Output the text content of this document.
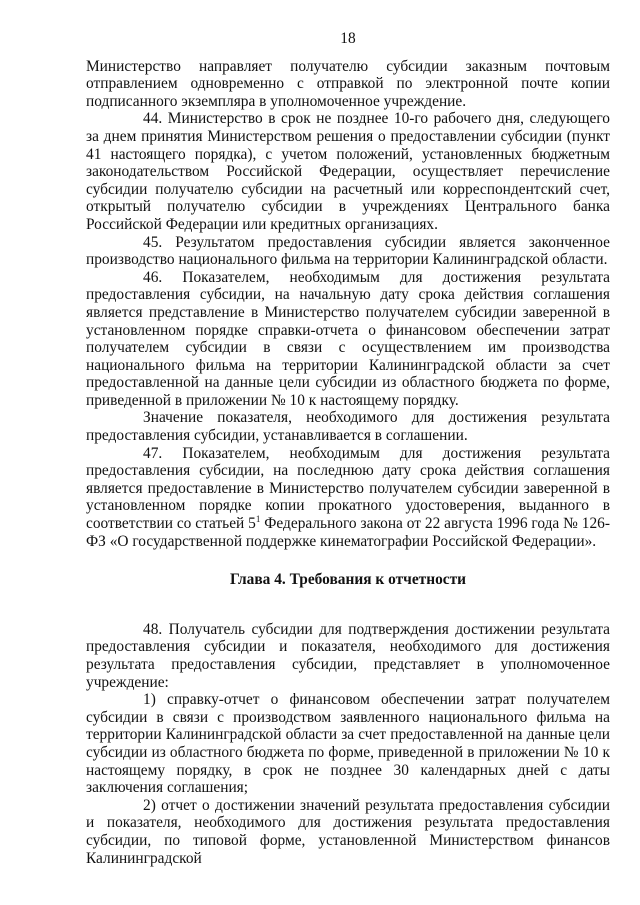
18

Министерство направляет получателю субсидии заказным почтовым отправлением одновременно с отправкой по электронной почте копии подписанного экземпляра в уполномоченное учреждение.

44. Министерство в срок не позднее 10-го рабочего дня, следующего за днем принятия Министерством решения о предоставлении субсидии (пункт 41 настоящего порядка), с учетом положений, установленных бюджетным законодательством Российской Федерации, осуществляет перечисление субсидии получателю субсидии на расчетный или корреспондентский счет, открытый получателю субсидии в учреждениях Центрального банка Российской Федерации или кредитных организациях.

45. Результатом предоставления субсидии является законченное производство национального фильма на территории Калининградской области.

46. Показателем, необходимым для достижения результата предоставления субсидии, на начальную дату срока действия соглашения является представление в Министерство получателем субсидии заверенной в установленном порядке справки-отчета о финансовом обеспечении затрат получателем субсидии в связи с осуществлением им производства национального фильма на территории Калининградской области за счет предоставленной на данные цели субсидии из областного бюджета по форме, приведенной в приложении № 10 к настоящему порядку.

Значение показателя, необходимого для достижения результата предоставления субсидии, устанавливается в соглашении.

47. Показателем, необходимым для достижения результата предоставления субсидии, на последнюю дату срока действия соглашения является предоставление в Министерство получателем субсидии заверенной в установленном порядке копии прокатного удостоверения, выданного в соответствии со статьей $5^1$ Федерального закона от 22 августа 1996 года № 126-ФЗ «О государственной поддержке кинематографии Российской Федерации».

Глава 4. Требования к отчетности

48. Получатель субсидии для подтверждения достижении результата предоставления субсидии и показателя, необходимого для достижения результата предоставления субсидии, представляет в уполномоченное учреждение:

1) справку-отчет о финансовом обеспечении затрат получателем субсидии в связи с производством заявленного национального фильма на территории Калининградской области за счет предоставленной на данные цели субсидии из областного бюджета по форме, приведенной в приложении № 10 к настоящему порядку, в срок не позднее 30 календарных дней с даты заключения соглашения;

2) отчет о достижении значений результата предоставления субсидии и показателя, необходимого для достижения результата предоставления субсидии, по типовой форме, установленной Министерством финансов Калининградской
